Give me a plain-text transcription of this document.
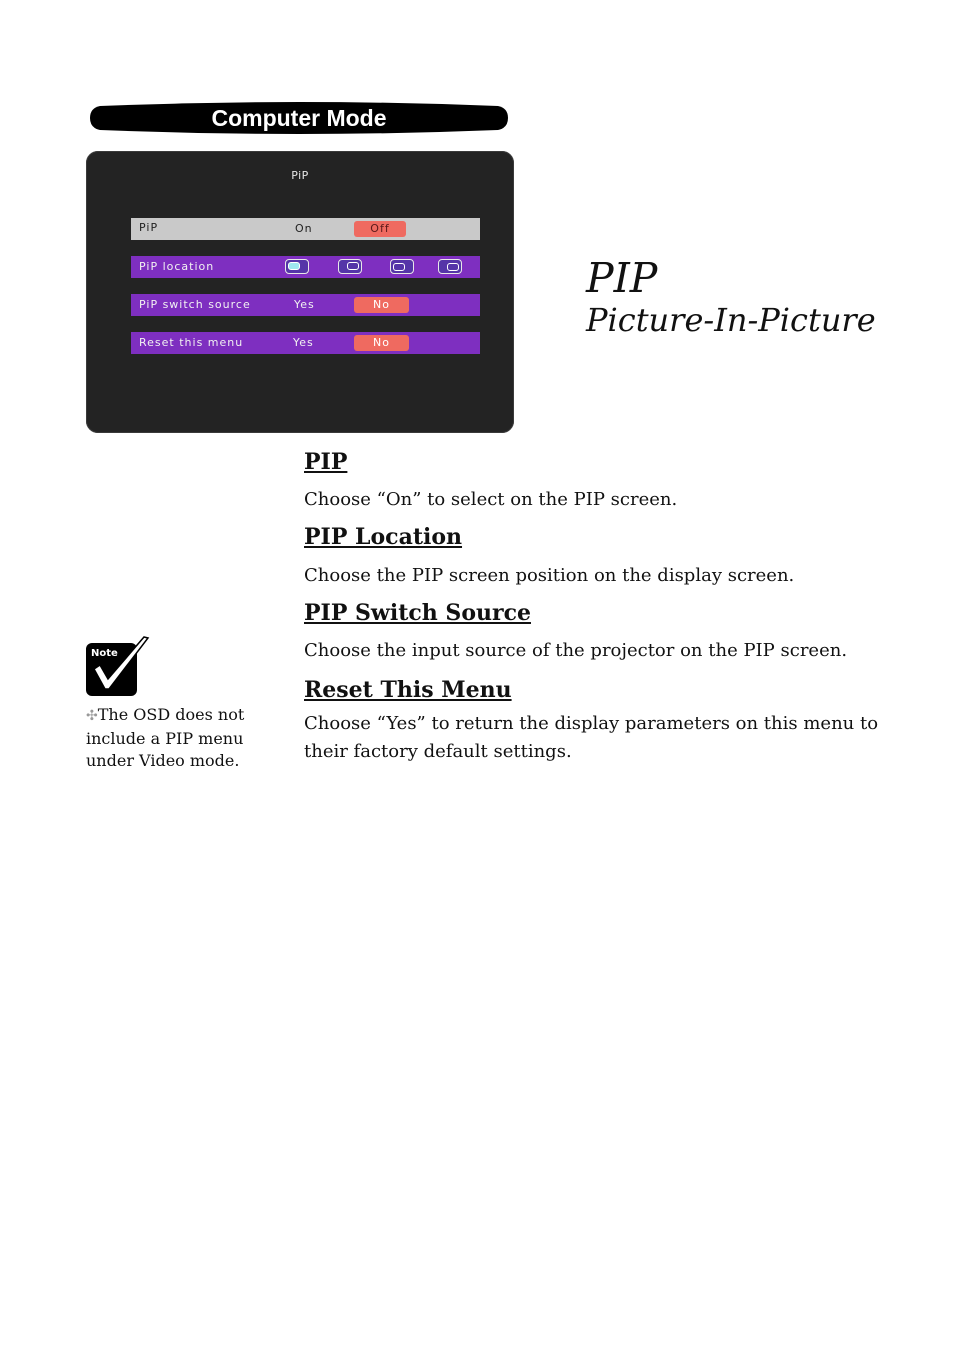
Computer Mode
PiP
PiP	On	Off
PiP location
PiP switch source	Yes	No
Reset this menu	Yes	No
PIP
Picture-In-Picture
PIP
Choose “On” to select on the PIP screen.
PIP Location
Choose the PIP screen position on the display screen.
PIP Switch Source
Choose the input source of the projector on the PIP screen.
Reset This Menu
Choose “Yes” to return the display parameters on this menu to their factory default settings.
Note
✣The OSD does not include a PIP menu under Video mode.
